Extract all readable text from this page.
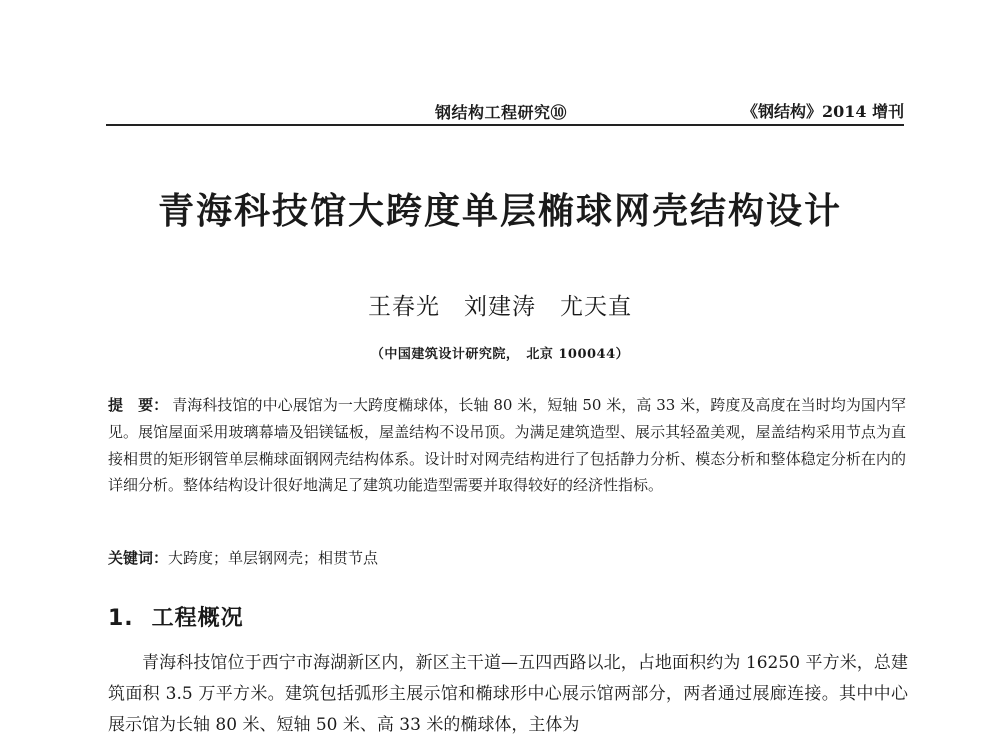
钢结构工程研究⑩	《钢结构》2014 增刊
青海科技馆大跨度单层椭球网壳结构设计
王春光　刘建涛　尤天直
（中国建筑设计研究院，　北京 100044）
提　要： 青海科技馆的中心展馆为一大跨度椭球体，长轴 80 米，短轴 50 米，高 33 米，跨度及高度在当时均为国内罕见。展馆屋面采用玻璃幕墙及铝镁锰板，屋盖结构不设吊顶。为满足建筑造型、展示其轻盈美观，屋盖结构采用节点为直接相贯的矩形钢管单层椭球面钢网壳结构体系。设计时对网壳结构进行了包括静力分析、模态分析和整体稳定分析在内的详细分析。整体结构设计很好地满足了建筑功能造型需要并取得较好的经济性指标。
关键词：大跨度；单层钢网壳；相贯节点
1. 工程概况
青海科技馆位于西宁市海湖新区内，新区主干道—五四西路以北，占地面积约为 16250 平方米，总建筑面积 3.5 万平方米。建筑包括弧形主展示馆和椭球形中心展示馆两部分，两者通过展廊连接。其中中心展示馆为长轴 80 米、短轴 50 米、高 33 米的椭球体，主体为
